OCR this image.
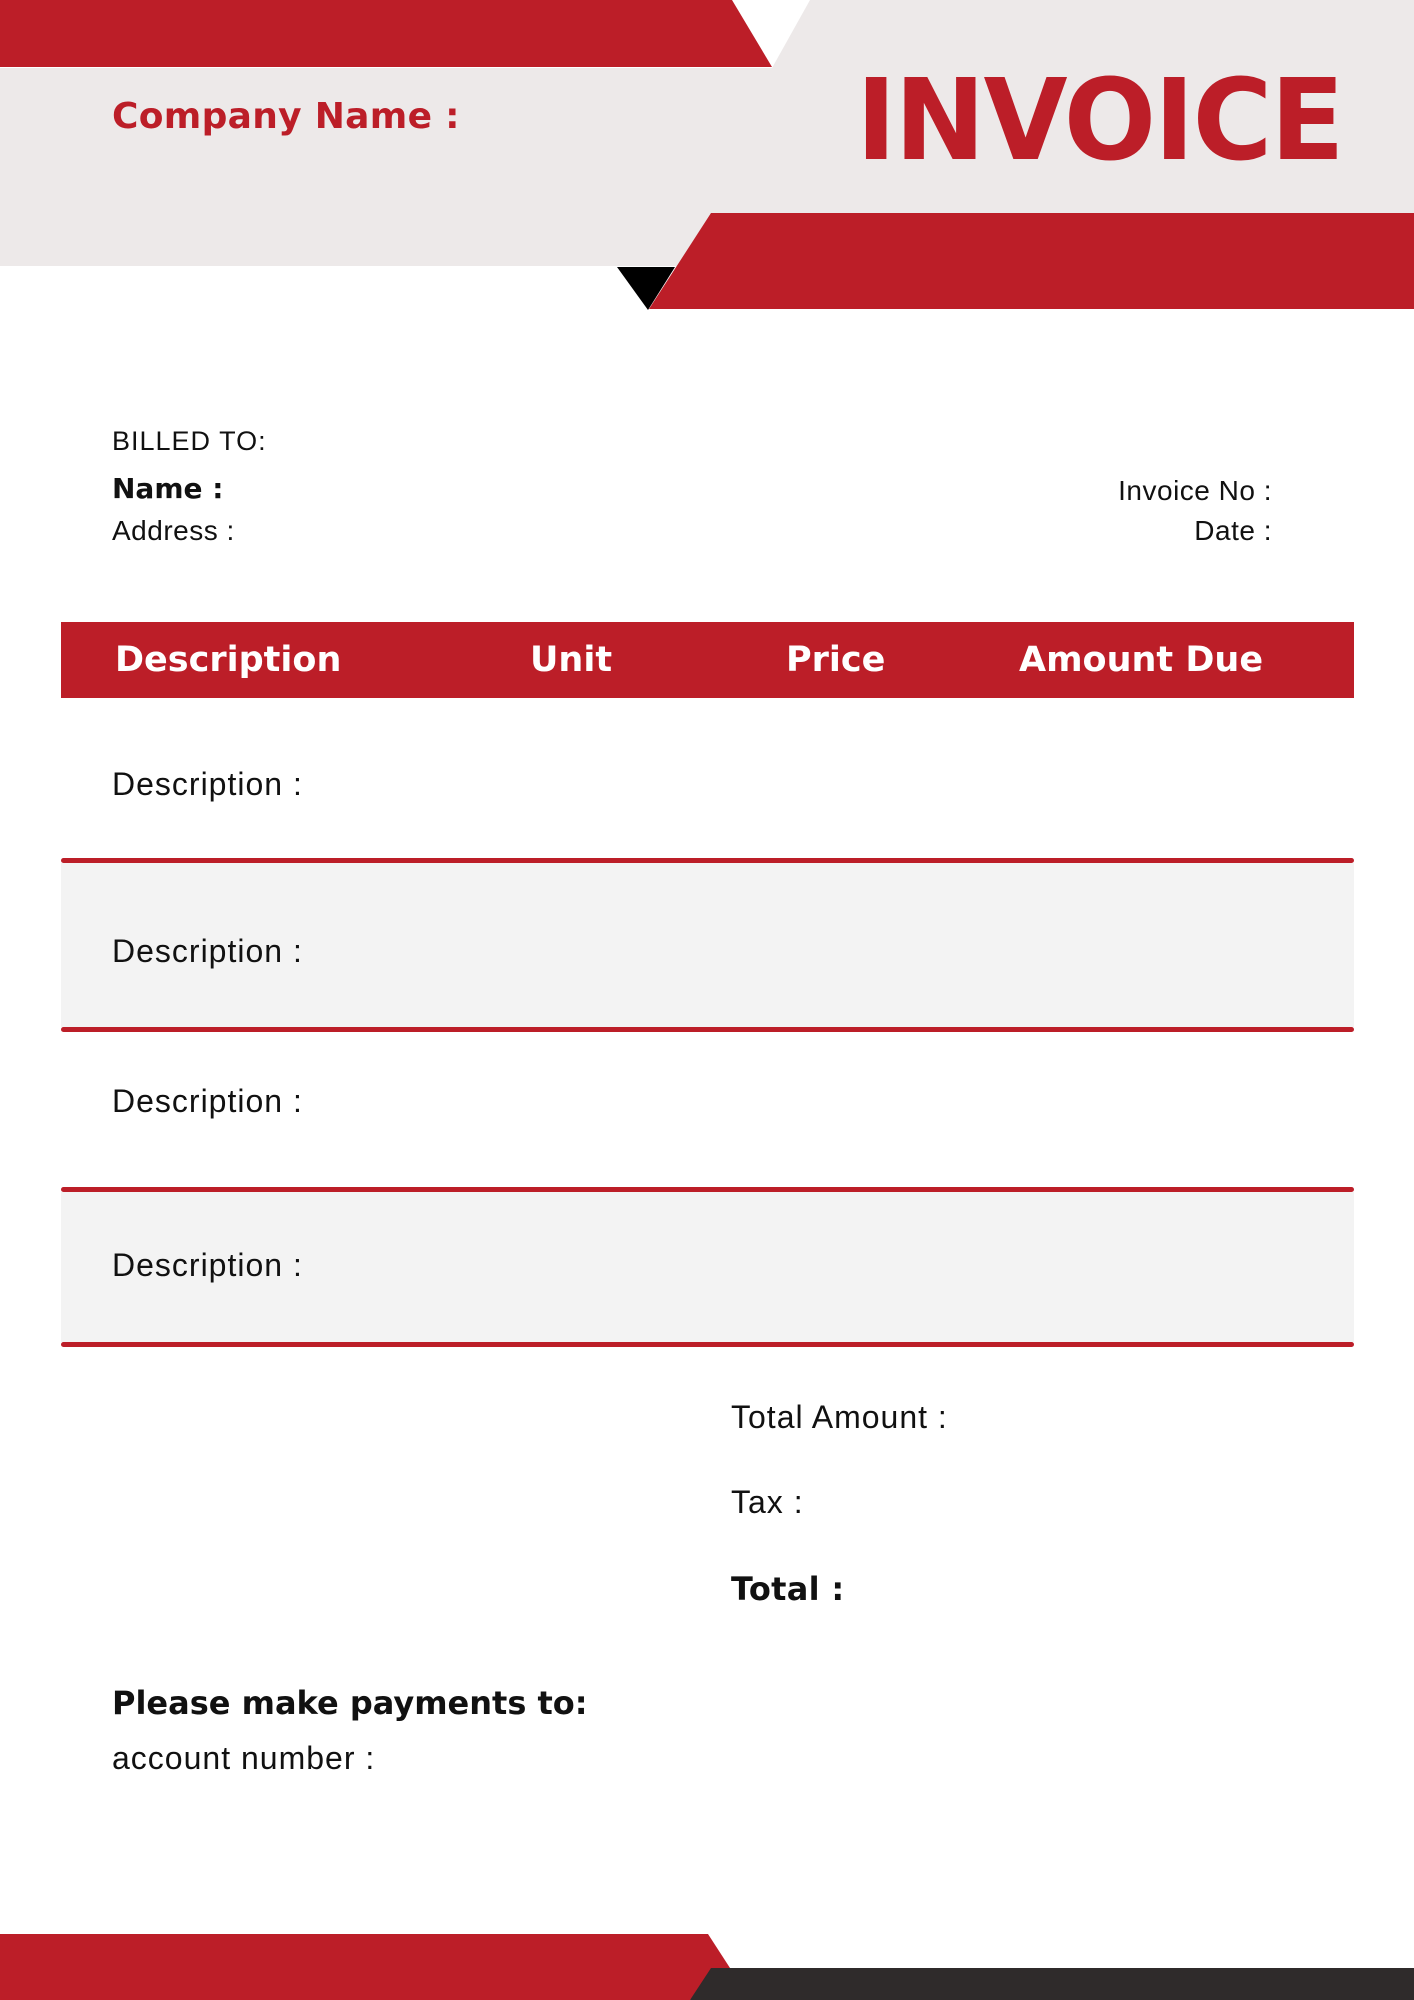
Company Name :	INVOICE
BILLED TO:
Name :
Address :
Invoice No :
Date :
Description	Unit	Price	Amount Due
Description :
Description :
Description :
Description :
Total Amount :
Tax :
Total :
Please make payments to:
account number :
